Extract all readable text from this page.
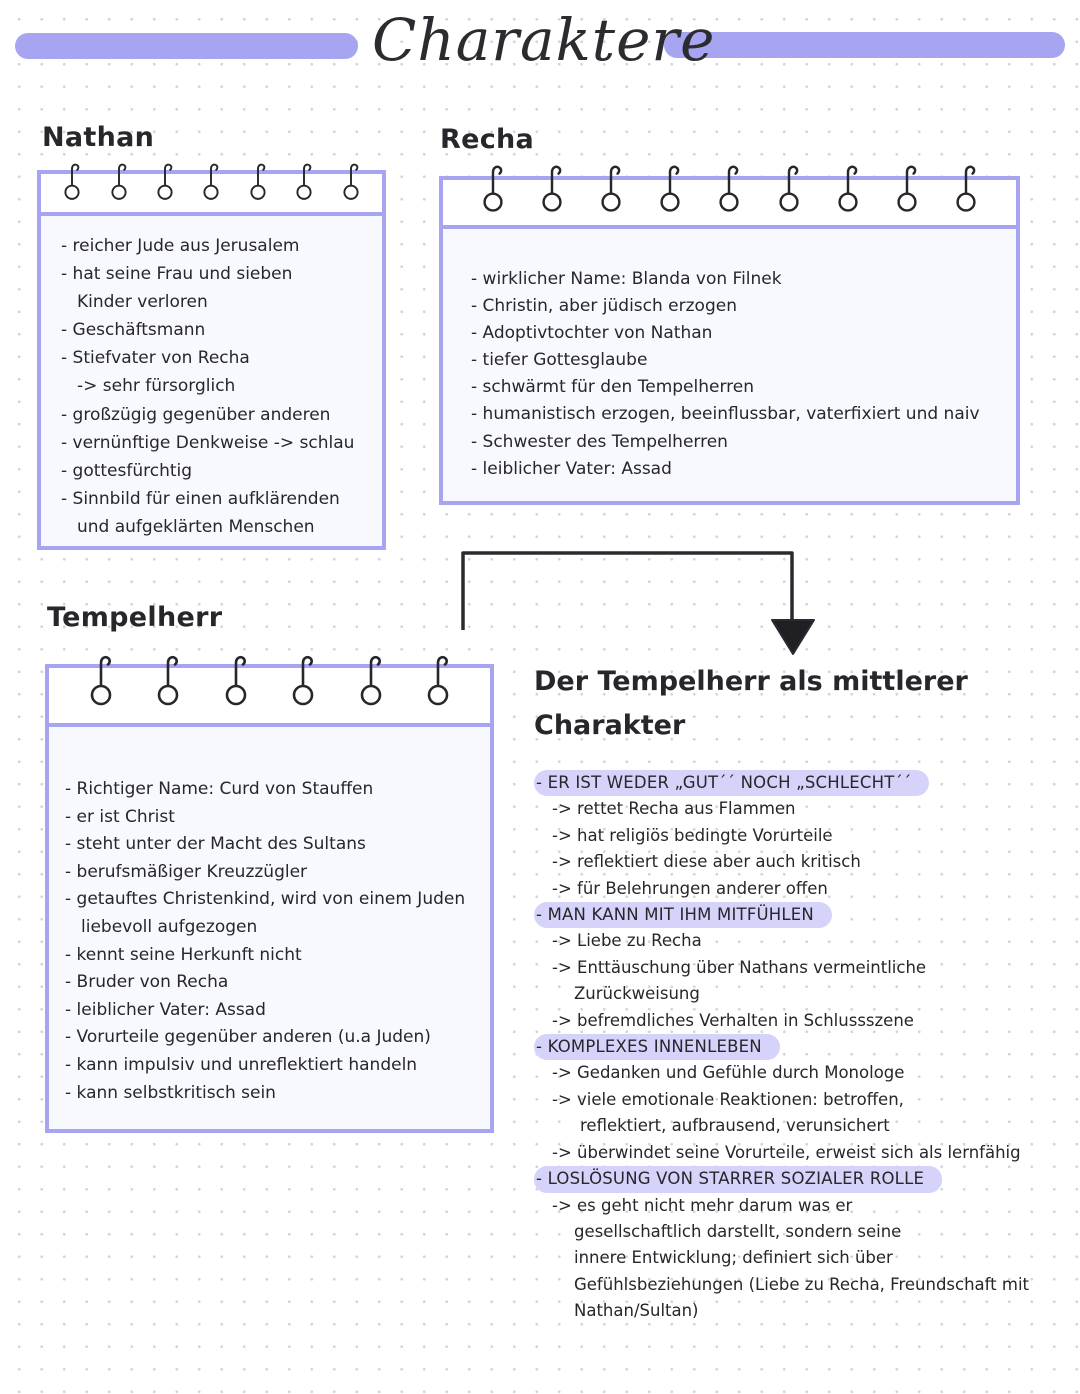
Charaktere
Nathan
- reicher Jude aus Jerusalem
- hat seine Frau und sieben
Kinder verloren
- Geschäftsmann
- Stiefvater von Recha
-> sehr fürsorglich
- großzügig gegenüber anderen
- vernünftige Denkweise -> schlau
- gottesfürchtig
- Sinnbild für einen aufklärenden
und aufgeklärten Menschen
Recha
- wirklicher Name: Blanda von Filnek
- Christin, aber jüdisch erzogen
- Adoptivtochter von Nathan
- tiefer Gottesglaube
- schwärmt für den Tempelherren
- humanistisch erzogen, beeinflussbar, vaterfixiert und naiv
- Schwester des Tempelherren
- leiblicher Vater: Assad
Tempelherr
- Richtiger Name: Curd von Stauffen
- er ist Christ
- steht unter der Macht des Sultans
- berufsmäßiger Kreuzzügler
- getauftes Christenkind, wird von einem Juden
liebevoll aufgezogen
- kennt seine Herkunft nicht
- Bruder von Recha
- leiblicher Vater: Assad
- Vorurteile gegenüber anderen (u.a Juden)
- kann impulsiv und unreflektiert handeln
- kann selbstkritisch sein
Der Tempelherr als mittlerer
Charakter
- ER IST WEDER „GUT´´ NOCH „SCHLECHT´´
-> rettet Recha aus Flammen
-> hat religiös bedingte Vorurteile
-> reflektiert diese aber auch kritisch
-> für Belehrungen anderer offen
- MAN KANN MIT IHM MITFÜHLEN
-> Liebe zu Recha
-> Enttäuschung über Nathans vermeintliche
Zurückweisung
-> befremdliches Verhalten in Schlussszene
- KOMPLEXES INNENLEBEN
-> Gedanken und Gefühle durch Monologe
-> viele emotionale Reaktionen: betroffen,
reflektiert, aufbrausend, verunsichert
-> überwindet seine Vorurteile, erweist sich als lernfähig
- LOSLÖSUNG VON STARRER SOZIALER ROLLE
-> es geht nicht mehr darum was er
gesellschaftlich darstellt, sondern seine
innere Entwicklung; definiert sich über
Gefühlsbeziehungen (Liebe zu Recha, Freundschaft mit
Nathan/Sultan)
